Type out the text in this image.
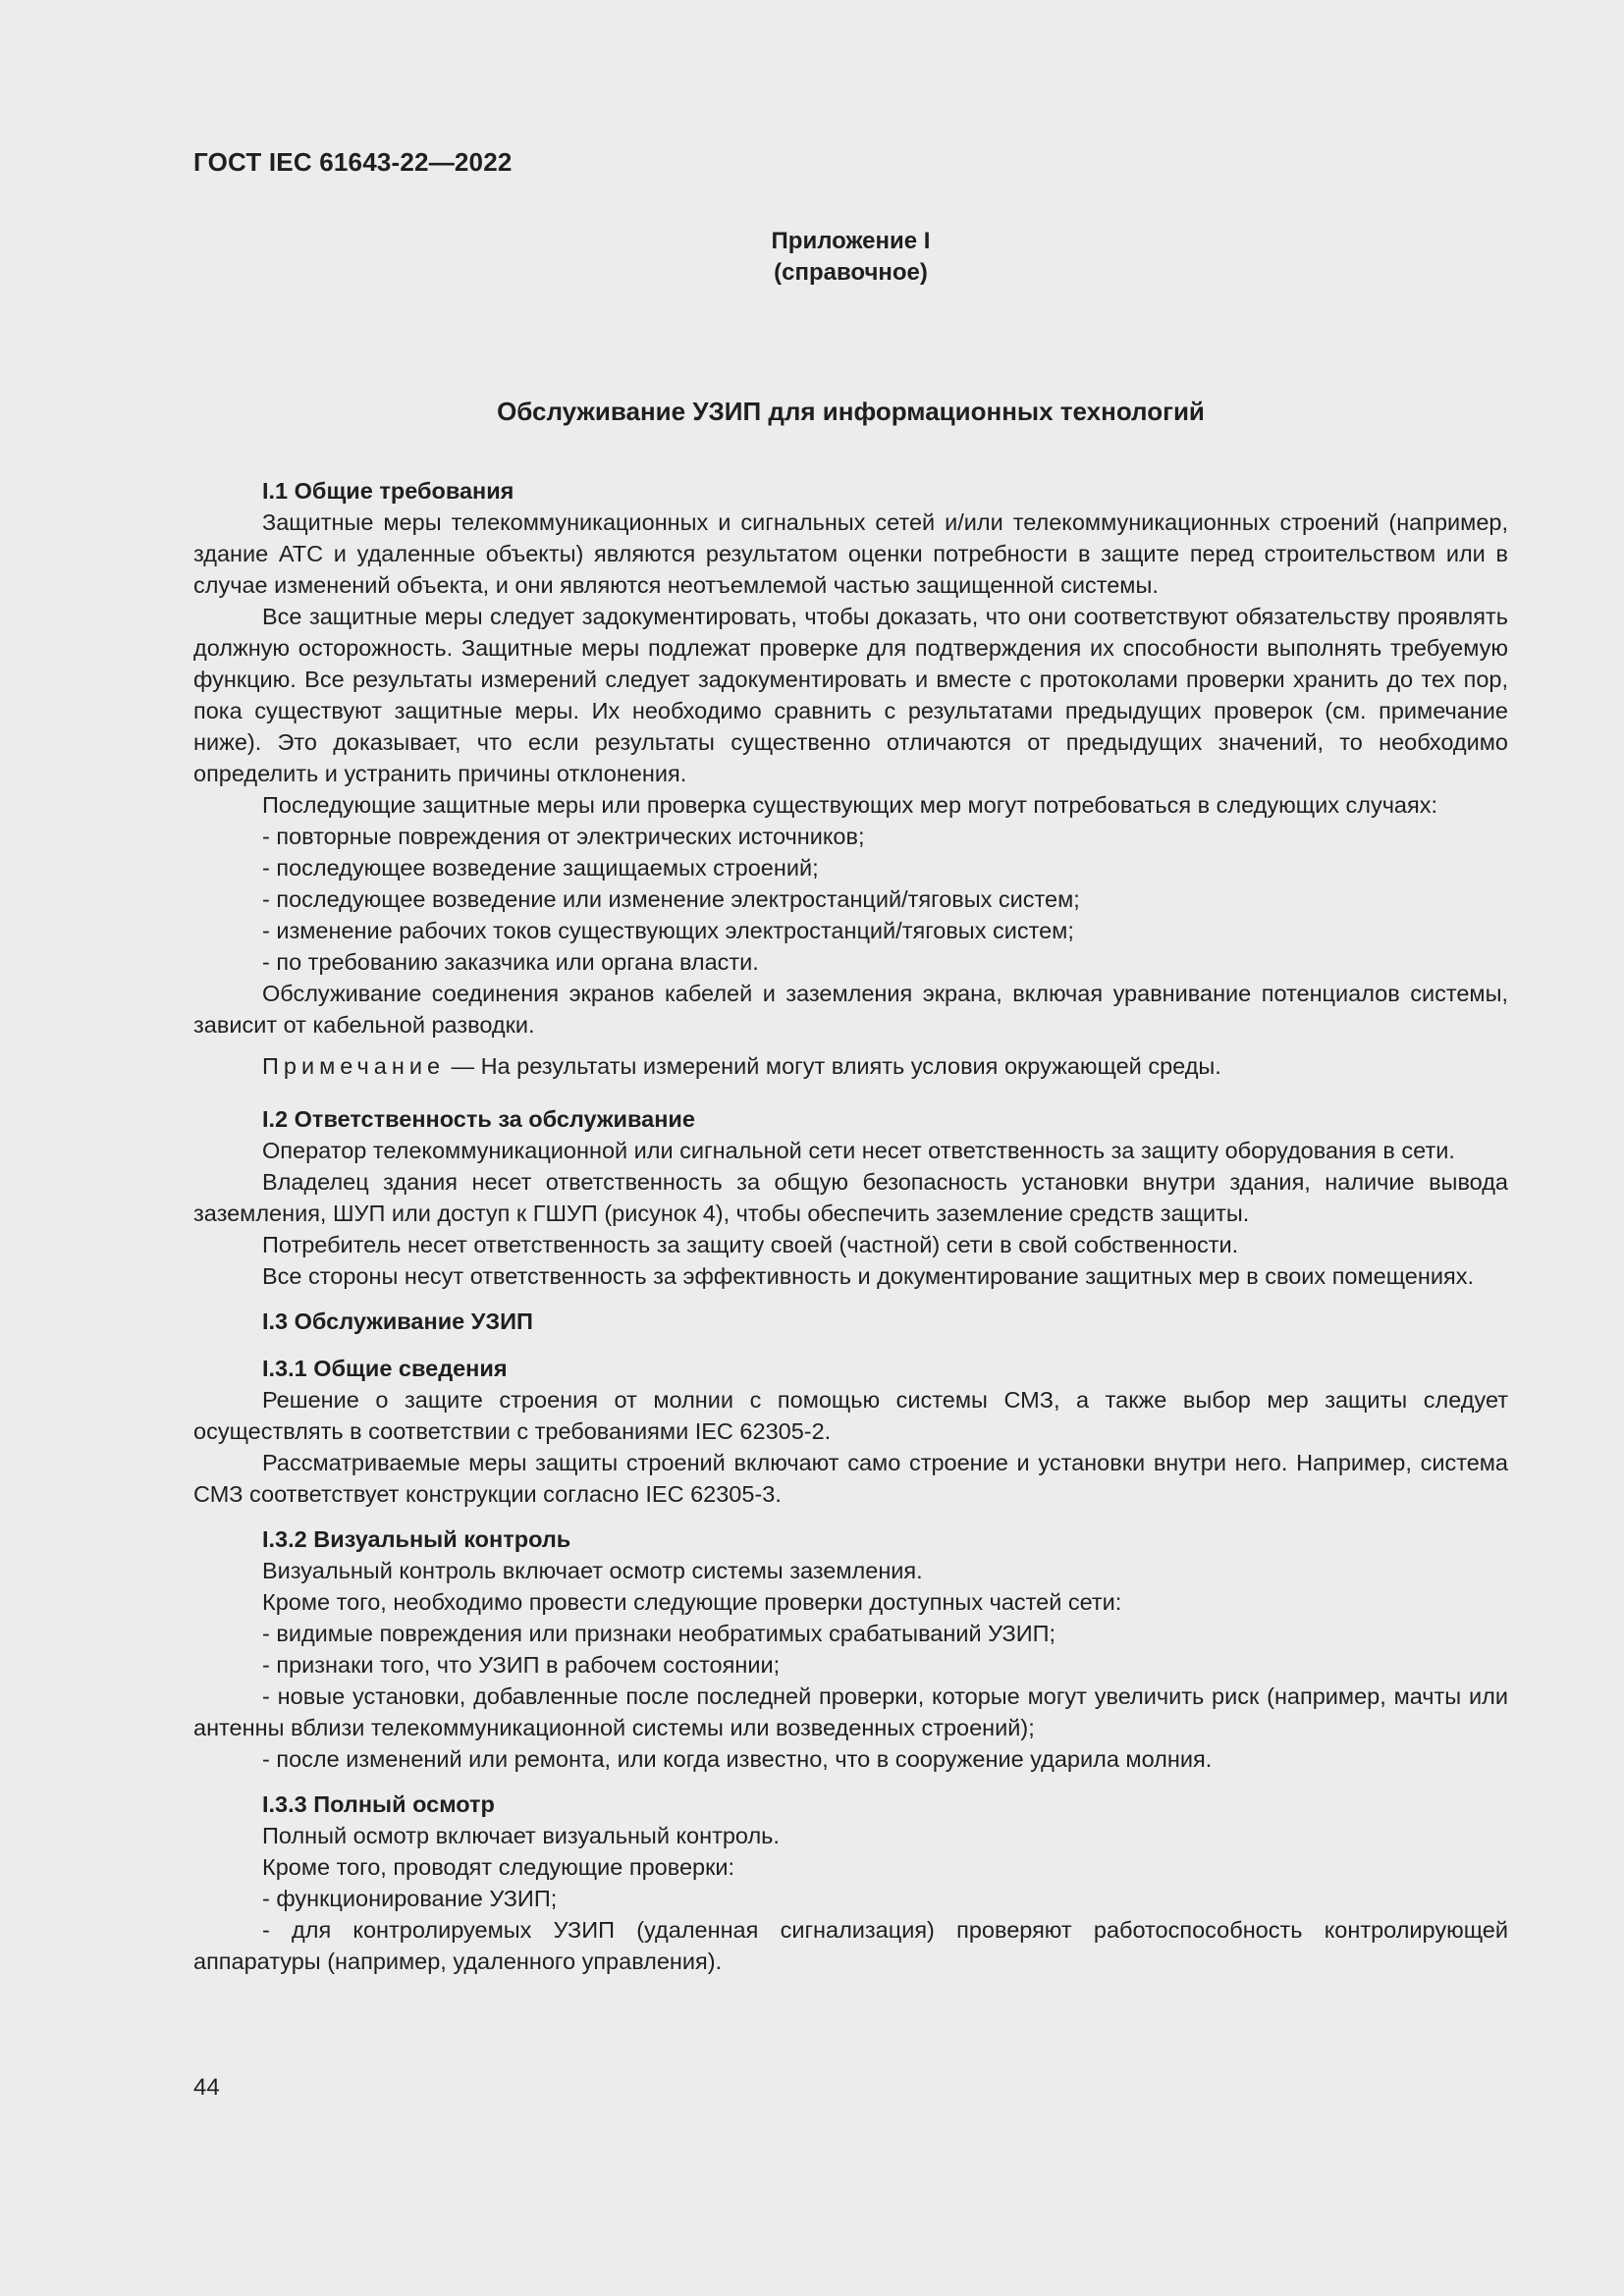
ГОСТ IEC 61643-22—2022
Приложение I
(справочное)
Обслуживание УЗИП для информационных технологий

I.1 Общие требования

Защитные меры телекоммуникационных и сигнальных сетей и/или телекоммуникационных строений (например, здание АТС и удаленные объекты) являются результатом оценки потребности в защите перед строительством или в случае изменений объекта, и они являются неотъемлемой частью защищенной системы.

Все защитные меры следует задокументировать, чтобы доказать, что они соответствуют обязательству проявлять должную осторожность. Защитные меры подлежат проверке для подтверждения их способности выполнять требуемую функцию. Все результаты измерений следует задокументировать и вместе с протоколами проверки хранить до тех пор, пока существуют защитные меры. Их необходимо сравнить с результатами предыдущих проверок (см. примечание ниже). Это доказывает, что если результаты существенно отличаются от предыдущих значений, то необходимо определить и устранить причины отклонения.

Последующие защитные меры или проверка существующих мер могут потребоваться в следующих случаях:

- повторные повреждения от электрических источников;

- последующее возведение защищаемых строений;

- последующее возведение или изменение электростанций/тяговых систем;

- изменение рабочих токов существующих электростанций/тяговых систем;

- по требованию заказчика или органа власти.

Обслуживание соединения экранов кабелей и заземления экрана, включая уравнивание потенциалов системы, зависит от кабельной разводки.

Примечание — На результаты измерений могут влиять условия окружающей среды.

I.2 Ответственность за обслуживание

Оператор телекоммуникационной или сигнальной сети несет ответственность за защиту оборудования в сети.

Владелец здания несет ответственность за общую безопасность установки внутри здания, наличие вывода заземления, ШУП или доступ к ГШУП (рисунок 4), чтобы обеспечить заземление средств защиты.

Потребитель несет ответственность за защиту своей (частной) сети в свой собственности.

Все стороны несут ответственность за эффективность и документирование защитных мер в своих помещениях.

I.3 Обслуживание УЗИП

I.3.1 Общие сведения

Решение о защите строения от молнии с помощью системы СМЗ, а также выбор мер защиты следует осуществлять в соответствии с требованиями IEC 62305-2.

Рассматриваемые меры защиты строений включают само строение и установки внутри него. Например, система СМЗ соответствует конструкции согласно IEC 62305-3.

I.3.2 Визуальный контроль

Визуальный контроль включает осмотр системы заземления.

Кроме того, необходимо провести следующие проверки доступных частей сети:

- видимые повреждения или признаки необратимых срабатываний УЗИП;

- признаки того, что УЗИП в рабочем состоянии;

- новые установки, добавленные после последней проверки, которые могут увеличить риск (например, мачты или антенны вблизи телекоммуникационной системы или возведенных строений);

- после изменений или ремонта, или когда известно, что в сооружение ударила молния.

I.3.3 Полный осмотр

Полный осмотр включает визуальный контроль.

Кроме того, проводят следующие проверки:

- функционирование УЗИП;

- для контролируемых УЗИП (удаленная сигнализация) проверяют работоспособность контролирующей аппаратуры (например, удаленного управления).

44
